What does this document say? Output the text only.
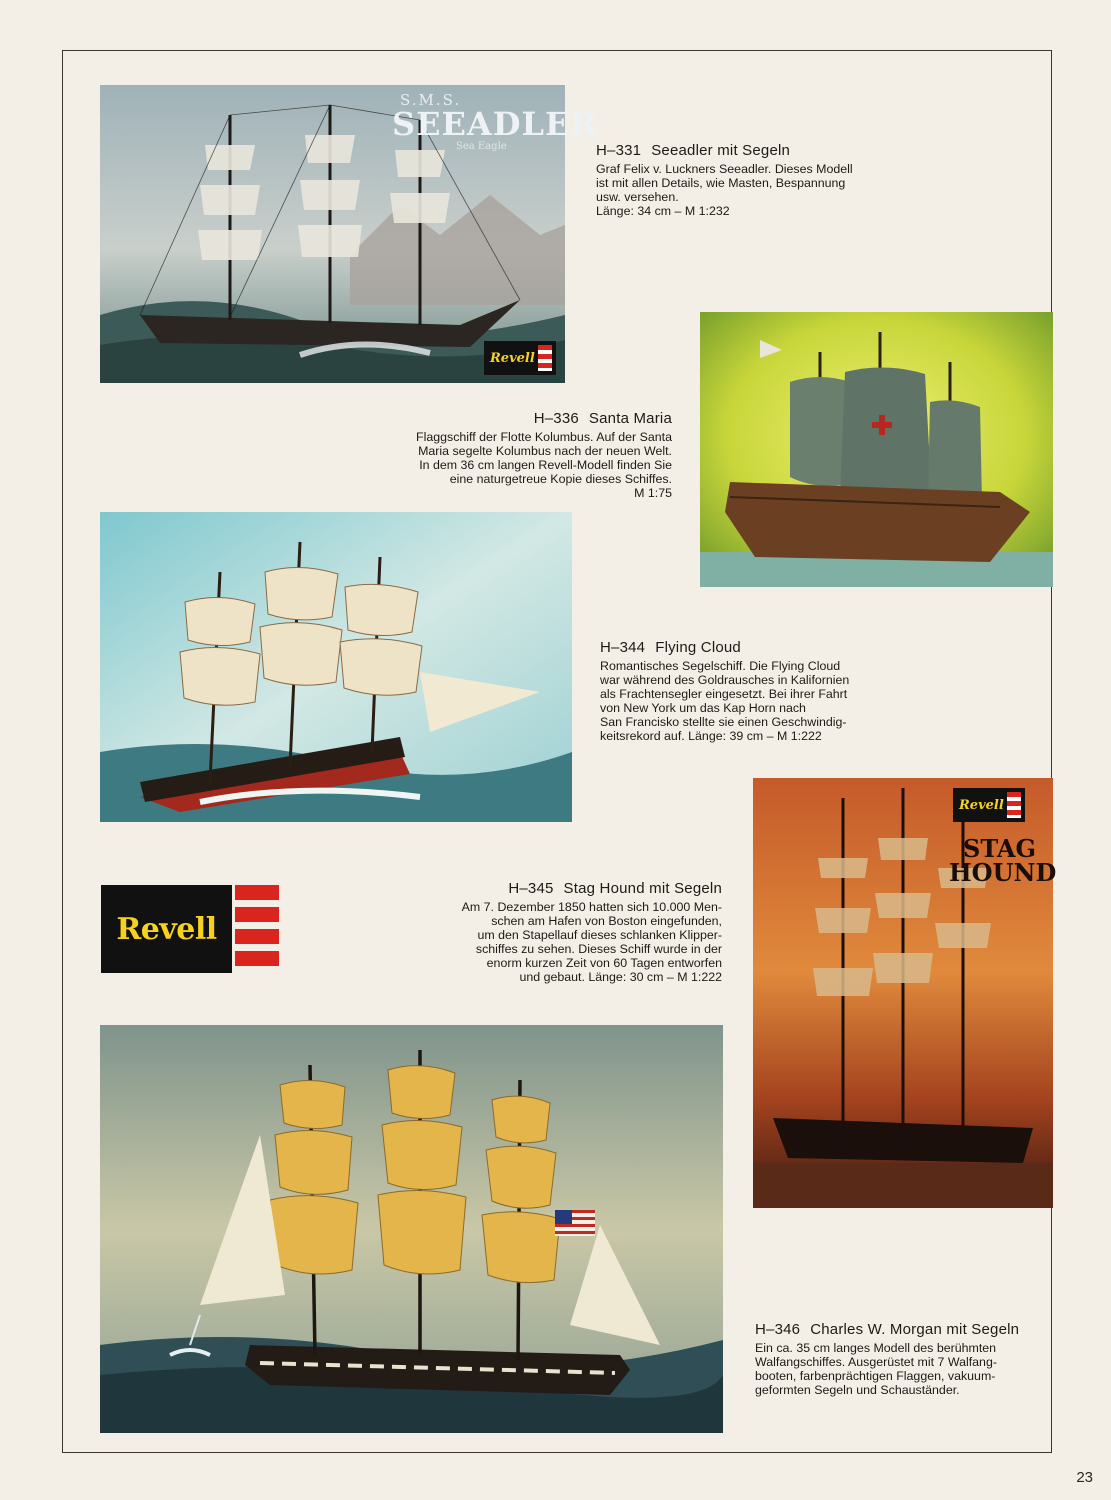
S.M.S.
SEEADLER
Sea Eagle
Revell
H–331 Seeadler mit Segeln
Graf Felix v. Luckners Seeadler. Dieses Modell
ist mit allen Details, wie Masten, Bespannung
usw. versehen.
Länge: 34 cm – M 1:232
H–336 Santa Maria
Flaggschiff der Flotte Kolumbus. Auf der Santa
Maria segelte Kolumbus nach der neuen Welt.
In dem 36 cm langen Revell-Modell finden Sie
eine naturgetreue Kopie dieses Schiffes.
M 1:75
H–344 Flying Cloud
Romantisches Segelschiff. Die Flying Cloud
war während des Goldrausches in Kalifornien
als Frachtensegler eingesetzt. Bei ihrer Fahrt
von New York um das Kap Horn nach
San Francisko stellte sie einen Geschwindig-
keitsrekord auf. Länge: 39 cm – M 1:222
Revell
STAG
HOUND
Revell
H–345 Stag Hound mit Segeln
Am 7. Dezember 1850 hatten sich 10.000 Men-
schen am Hafen von Boston eingefunden,
um den Stapellauf dieses schlanken Klipper-
schiffes zu sehen. Dieses Schiff wurde in der
enorm kurzen Zeit von 60 Tagen entworfen
und gebaut. Länge: 30 cm – M 1:222
H–346 Charles W. Morgan mit Segeln
Ein ca. 35 cm langes Modell des berühmten
Walfangschiffes. Ausgerüstet mit 7 Walfang-
booten, farbenprächtigen Flaggen, vakuum-
geformten Segeln und Schauständer.
23
